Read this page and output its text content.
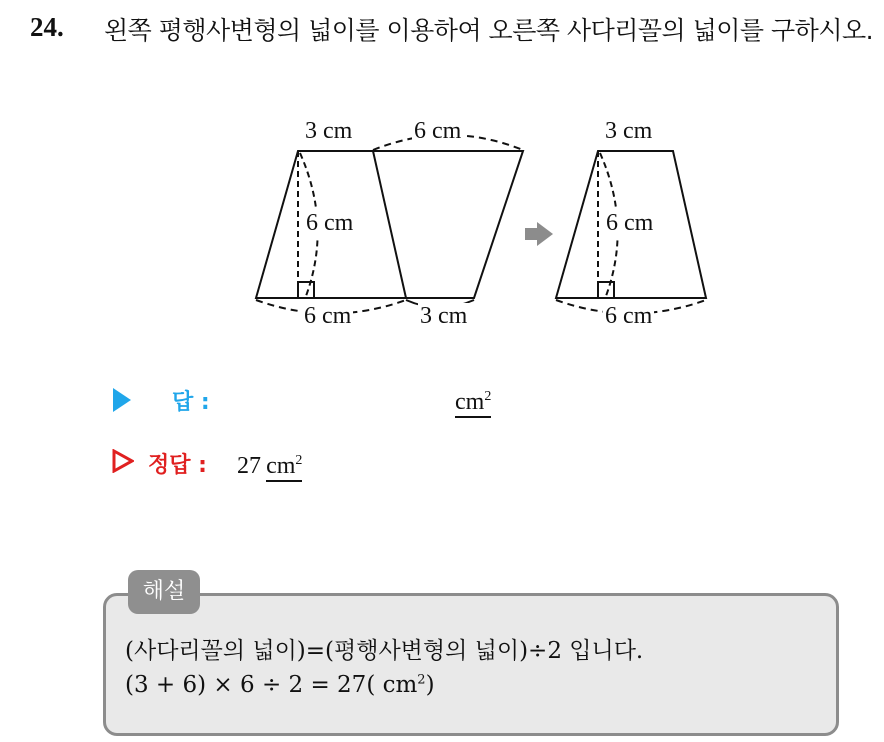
24. 왼쪽 평행사변형의 넓이를 이용하여 오른쪽 사다리꼴의 넓이를 구하시오.
3 cm	6 cm
6 cm
6 cm	3 cm
3 cm
6 cm
6 cm
답 :	$cm^2$
정답 : 27 $cm^2$
해설
(사다리꼴의 넓이)=(평행사변형의 넓이)÷2 입니다.
(3 + 6) × 6 ÷ 2 = 27( $cm^2$)
